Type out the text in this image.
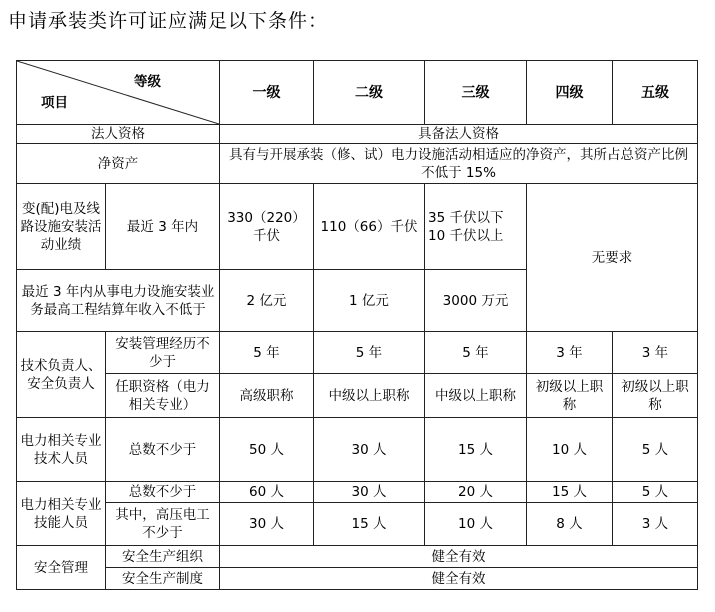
申请承装类许可证应满足以下条件：
等级
项目		一级	二级	三级	四级	五级
法人资格		具备法人资格				
净资产		具有与开展承装（修、试）电力设施活动相适应的净资产，其所占总资产比例不低于 15%				
变(配)电及线路设施安装活动业绩	最近 3 年内	330（220）千伏	110（66）千伏	35 千伏以下 10 千伏以上	无要求	
最近 3 年内从事电力设施安装业务最高工程结算年收入不低于		2 亿元	1 亿元	3000 万元		
技术负责人、安全负责人	安装管理经历不少于	5 年	5 年	5 年	3 年	3 年
	任职资格（电力相关专业）	高级职称	中级以上职称	中级以上职称	初级以上职称	初级以上职称
电力相关专业技术人员	总数不少于	50 人	30 人	15 人	10 人	5 人
电力相关专业技能人员	总数不少于	60 人	30 人	20 人	15 人	5 人
	其中，高压电工不少于	30 人	15 人	10 人	8 人	3 人
安全管理	安全生产组织	健全有效				
	安全生产制度	健全有效				
